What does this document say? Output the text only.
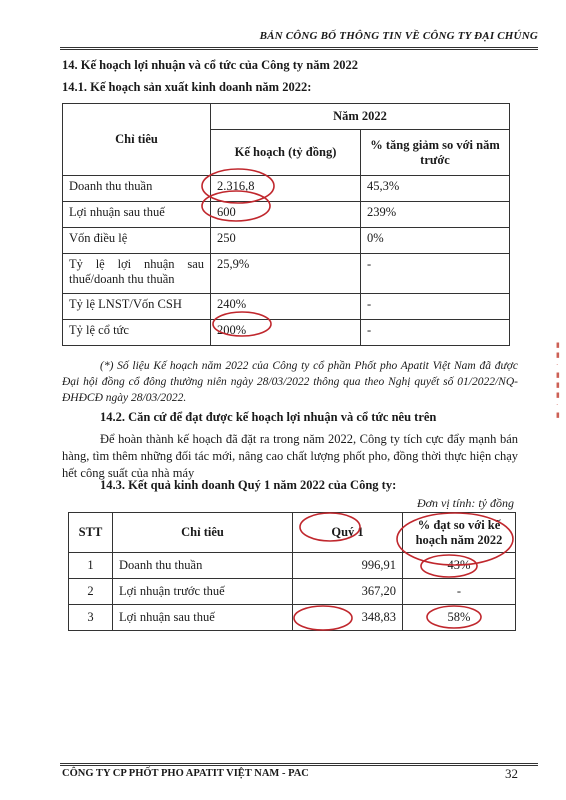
BẢN CÔNG BỐ THÔNG TIN VỀ CÔNG TY ĐẠI CHÚNG
14. Kế hoạch lợi nhuận và cổ tức của Công ty năm 2022
14.1. Kế hoạch sản xuất kinh doanh năm 2022:
Chỉ tiêu	Năm 2022	
	Kế hoạch (tỷ đồng)	% tăng giảm so với năm trước
Doanh thu thuần	2.316,8	45,3%
Lợi nhuận sau thuế	600	239%
Vốn điều lệ	250	0%
Tỷ lệ lợi nhuận sau thuế/doanh thu thuần	25,9%	-
Tỷ lệ LNST/Vốn CSH	240%	-
Tỷ lệ cổ tức	200%	-
(*) Số liệu Kế hoạch năm 2022 của Công ty cổ phần Phốt pho Apatit Việt Nam đã được Đại hội đồng cổ đông thường niên ngày 28/03/2022 thông qua theo Nghị quyết số 01/2022/NQ-ĐHĐCĐ ngày 28/03/2022.
14.2. Căn cứ để đạt được kế hoạch lợi nhuận và cổ tức nêu trên
Để hoàn thành kế hoạch đã đặt ra trong năm 2022, Công ty tích cực đẩy mạnh bán hàng, tìm thêm những đối tác mới, nâng cao chất lượng phốt pho, đồng thời thực hiện chạy hết công suất của nhà máy
14.3. Kết quả kinh doanh Quý 1 năm 2022 của Công ty:
Đơn vị tính: tỷ đồng
STT	Chỉ tiêu	Quý 1	% đạt so với kế hoạch năm 2022
1	Doanh thu thuần	996,91	43%
2	Lợi nhuận trước thuế	367,20	-
3	Lợi nhuận sau thuế	348,83	58%
▮
▮
·
▮
▮
▮
·
▮
CÔNG TY CP PHỐT PHO APATIT VIỆT NAM - PAC	32
